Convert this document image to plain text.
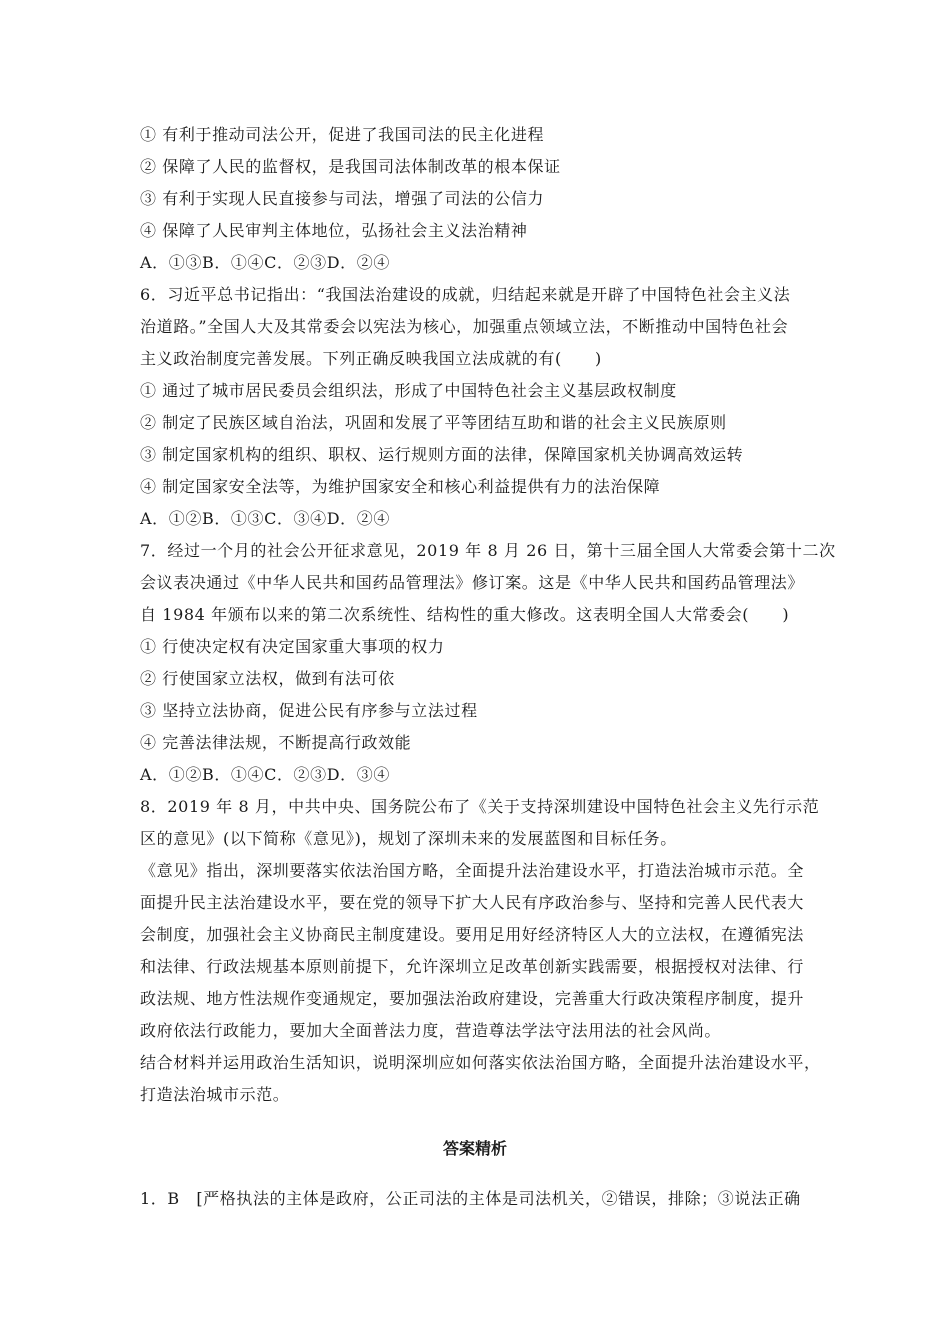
① 有利于推动司法公开，促进了我国司法的民主化进程
② 保障了人民的监督权，是我国司法体制改革的根本保证
③ 有利于实现人民直接参与司法，增强了司法的公信力
④ 保障了人民审判主体地位，弘扬社会主义法治精神
A．①③B．①④C．②③D．②④
6．习近平总书记指出：“我国法治建设的成就，归结起来就是开辟了中国特色社会主义法
治道路。”全国人大及其常委会以宪法为核心，加强重点领域立法，不断推动中国特色社会
主义政治制度完善发展。下列正确反映我国立法成就的有(　　)
① 通过了城市居民委员会组织法，形成了中国特色社会主义基层政权制度
② 制定了民族区域自治法，巩固和发展了平等团结互助和谐的社会主义民族原则
③ 制定国家机构的组织、职权、运行规则方面的法律，保障国家机关协调高效运转
④ 制定国家安全法等，为维护国家安全和核心利益提供有力的法治保障
A．①②B．①③C．③④D．②④
7．经过一个月的社会公开征求意见，2019 年 8 月 26 日，第十三届全国人大常委会第十二次
会议表决通过《中华人民共和国药品管理法》修订案。这是《中华人民共和国药品管理法》
自 1984 年颁布以来的第二次系统性、结构性的重大修改。这表明全国人大常委会(　　)
① 行使决定权有决定国家重大事项的权力
② 行使国家立法权，做到有法可依
③ 坚持立法协商，促进公民有序参与立法过程
④ 完善法律法规，不断提高行政效能
A．①②B．①④C．②③D．③④
8．2019 年 8 月，中共中央、国务院公布了《关于支持深圳建设中国特色社会主义先行示范
区的意见》(以下简称《意见》)，规划了深圳未来的发展蓝图和目标任务。
《意见》指出，深圳要落实依法治国方略，全面提升法治建设水平，打造法治城市示范。全
面提升民主法治建设水平，要在党的领导下扩大人民有序政治参与、坚持和完善人民代表大
会制度，加强社会主义协商民主制度建设。要用足用好经济特区人大的立法权，在遵循宪法
和法律、行政法规基本原则前提下，允许深圳立足改革创新实践需要，根据授权对法律、行
政法规、地方性法规作变通规定，要加强法治政府建设，完善重大行政决策程序制度，提升
政府依法行政能力，要加大全面普法力度，营造尊法学法守法用法的社会风尚。
结合材料并运用政治生活知识，说明深圳应如何落实依法治国方略，全面提升法治建设水平，
打造法治城市示范。
答案精析
1．B　[严格执法的主体是政府，公正司法的主体是司法机关，②错误，排除；③说法正确
